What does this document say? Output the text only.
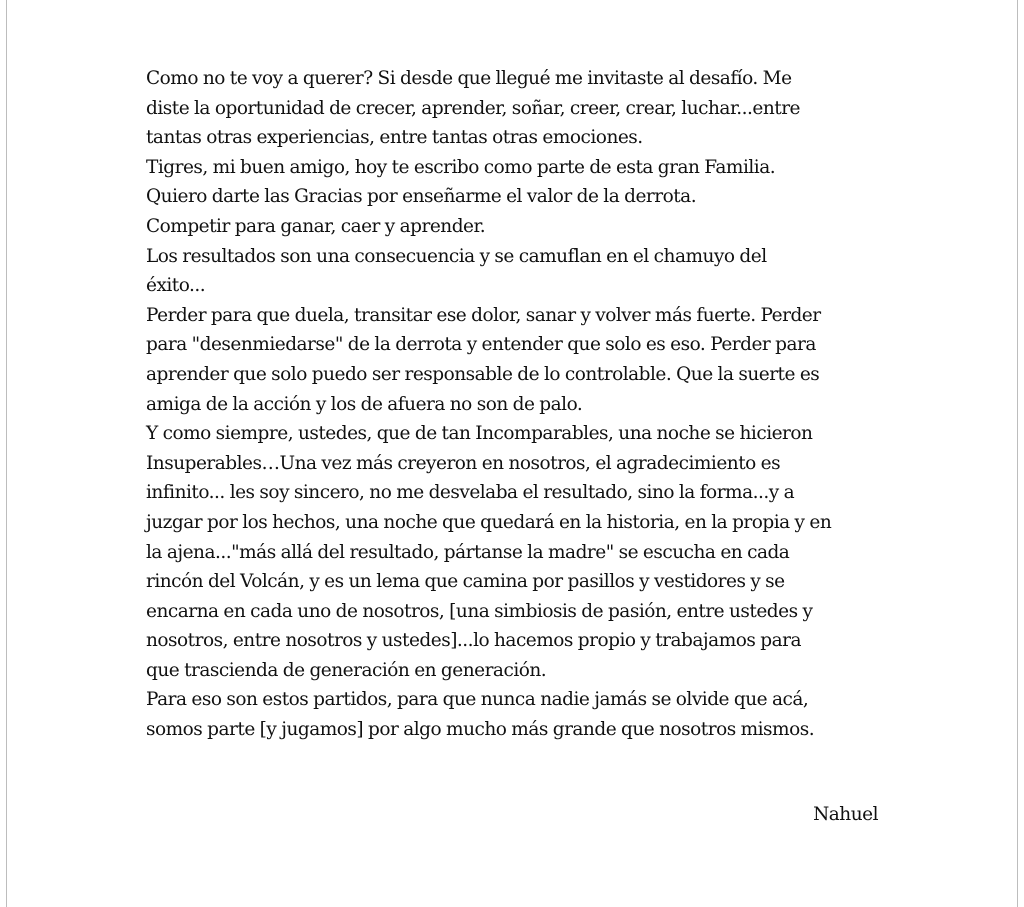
Como no te voy a querer? Si desde que llegué me invitaste al desafío. Me
diste la oportunidad de crecer, aprender, soñar, creer, crear, luchar...entre
tantas otras experiencias, entre tantas otras emociones.
Tigres, mi buen amigo, hoy te escribo como parte de esta gran Familia.
Quiero darte las Gracias por enseñarme el valor de la derrota.
Competir para ganar, caer y aprender.
Los resultados son una consecuencia y se camuflan en el chamuyo del
éxito...
Perder para que duela, transitar ese dolor, sanar y volver más fuerte. Perder
para "desenmiedarse" de la derrota y entender que solo es eso. Perder para
aprender que solo puedo ser responsable de lo controlable. Que la suerte es
amiga de la acción y los de afuera no son de palo.
Y como siempre, ustedes, que de tan Incomparables, una noche se hicieron
Insuperables…Una vez más creyeron en nosotros, el agradecimiento es
infinito... les soy sincero, no me desvelaba el resultado, sino la forma...y a
juzgar por los hechos, una noche que quedará en la historia, en la propia y en
la ajena..."más allá del resultado, pártanse la madre" se escucha en cada
rincón del Volcán, y es un lema que camina por pasillos y vestidores y se
encarna en cada uno de nosotros, [una simbiosis de pasión, entre ustedes y
nosotros, entre nosotros y ustedes]...lo hacemos propio y trabajamos para
que trascienda de generación en generación.
Para eso son estos partidos, para que nunca nadie jamás se olvide que acá,
somos parte [y jugamos] por algo mucho más grande que nosotros mismos.
Nahuel
